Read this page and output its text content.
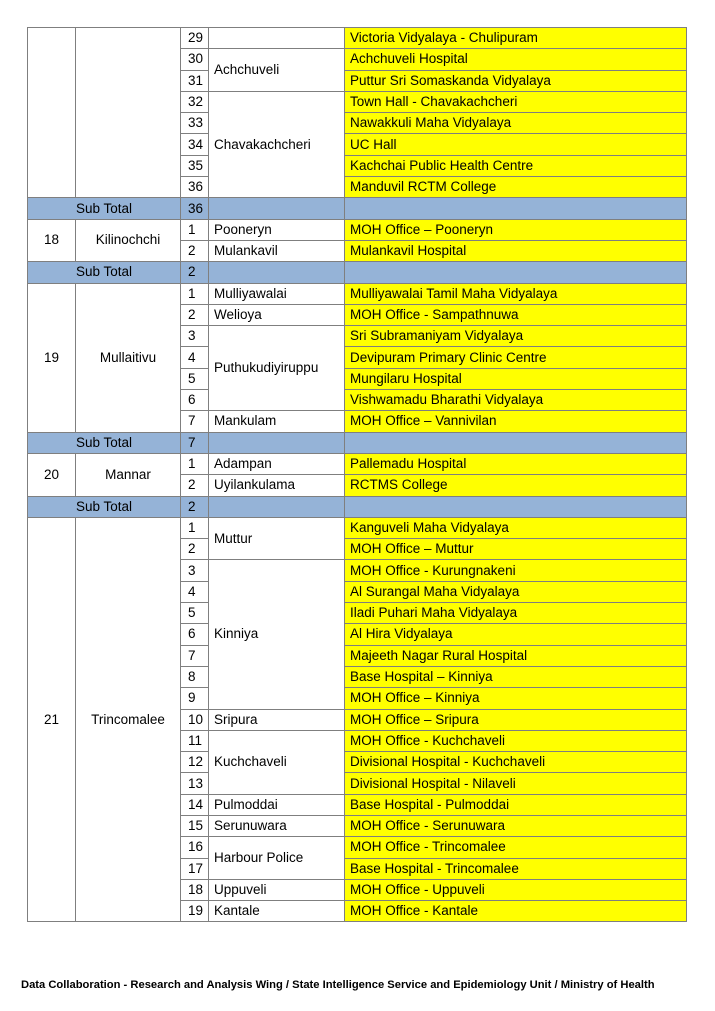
		29		Victoria Vidyalaya - Chulipuram
		30	Achchuveli	Achchuveli Hospital
		31		Puttur Sri Somaskanda Vidyalaya
		32	Chavakachcheri	Town Hall - Chavakachcheri
		33		Nawakkuli Maha Vidyalaya
		34		UC Hall
		35		Kachchai Public Health Centre
		36		Manduvil RCTM College
Sub Total		36		
18	Kilinochchi	1	Pooneryn	MOH Office – Pooneryn
		2	Mulankavil	Mulankavil Hospital
Sub Total		2		
19	Mullaitivu	1	Mulliyawalai	Mulliyawalai Tamil Maha Vidyalaya
		2	Welioya	MOH Office - Sampathnuwa
		3	Puthukudiyiruppu	Sri Subramaniyam Vidyalaya
		4		Devipuram Primary Clinic Centre
		5		Mungilaru Hospital
		6		Vishwamadu Bharathi Vidyalaya
		7	Mankulam	MOH Office – Vannivilan
Sub Total		7		
20	Mannar	1	Adampan	Pallemadu Hospital
		2	Uyilankulama	RCTMS College
Sub Total		2		
21	Trincomalee	1	Muttur	Kanguveli Maha Vidyalaya
		2		MOH Office – Muttur
		3	Kinniya	MOH Office - Kurungnakeni
		4		Al Surangal Maha Vidyalaya
		5		Iladi Puhari Maha Vidyalaya
		6		Al Hira Vidyalaya
		7		Majeeth Nagar Rural Hospital
		8		Base Hospital – Kinniya
		9		MOH Office – Kinniya
		10	Sripura	MOH Office – Sripura
		11	Kuchchaveli	MOH Office - Kuchchaveli
		12		Divisional Hospital - Kuchchaveli
		13		Divisional Hospital - Nilaveli
		14	Pulmoddai	Base Hospital - Pulmoddai
		15	Serunuwara	MOH Office - Serunuwara
		16	Harbour Police	MOH Office - Trincomalee
		17		Base Hospital - Trincomalee
		18	Uppuveli	MOH Office - Uppuveli
		19	Kantale	MOH Office - Kantale
Data Collaboration - Research and Analysis Wing / State Intelligence Service and Epidemiology Unit / Ministry of Health
